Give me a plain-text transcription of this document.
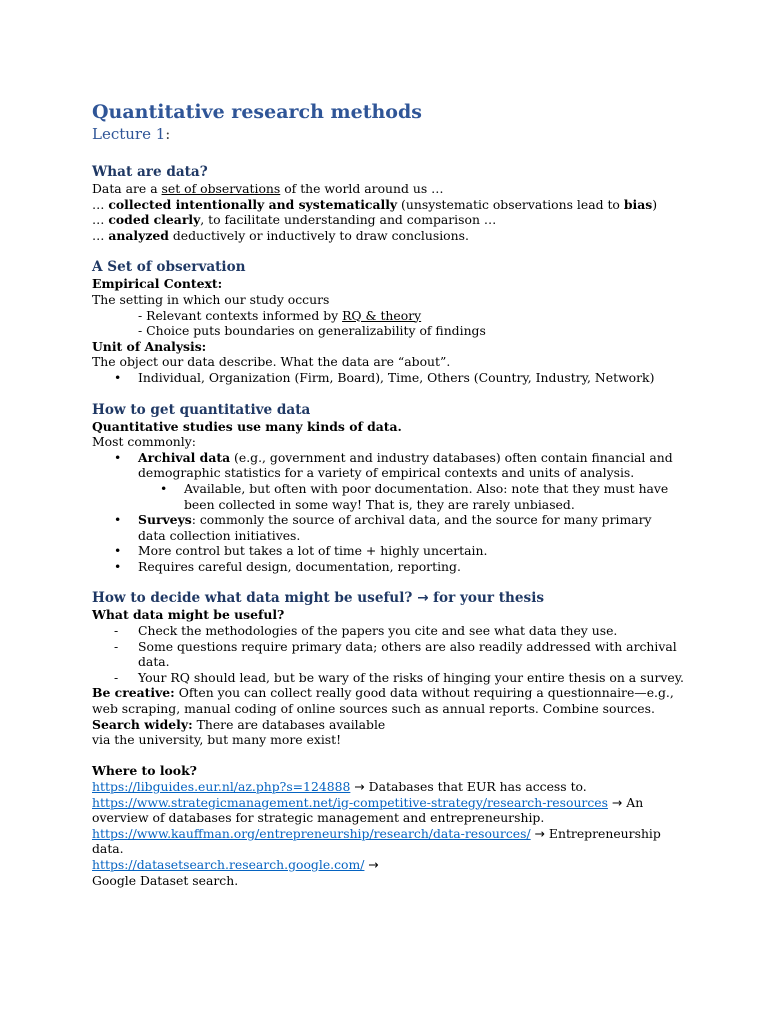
Quantitative research methods

Lecture 1:

What are data?

Data are a set of observations of the world around us …

… collected intentionally and systematically (unsystematic observations lead to bias)

… coded clearly, to facilitate understanding and comparison …

… analyzed deductively or inductively to draw conclusions.

A Set of observation

Empirical Context:

The setting in which our study occurs

- Relevant contexts informed by RQ & theory

- Choice puts boundaries on generalizability of findings

Unit of Analysis:

The object our data describe. What the data are “about”.

• Individual, Organization (Firm, Board), Time, Others (Country, Industry, Network)

How to get quantitative data

Quantitative studies use many kinds of data.

Most commonly:

• Archival data (e.g., government and industry databases) often contain financial and demographic statistics for a variety of empirical contexts and units of analysis.

• Available, but often with poor documentation. Also: note that they must have been collected in some way! That is, they are rarely unbiased.

• Surveys: commonly the source of archival data, and the source for many primary data collection initiatives.

• More control but takes a lot of time + highly uncertain.

• Requires careful design, documentation, reporting.

How to decide what data might be useful? → for your thesis

What data might be useful?

- Check the methodologies of the papers you cite and see what data they use.

- Some questions require primary data; others are also readily addressed with archival data.

- Your RQ should lead, but be wary of the risks of hinging your entire thesis on a survey.

Be creative: Often you can collect really good data without requiring a questionnaire—e.g., web scraping, manual coding of online sources such as annual reports. Combine sources.

Search widely: There are databases available

via the university, but many more exist!

Where to look?

https://libguides.eur.nl/az.php?s=124888 → Databases that EUR has access to.

https://www.strategicmanagement.net/ig-competitive-strategy/research-resources → An overview of databases for strategic management and entrepreneurship.

https://www.kauffman.org/entrepreneurship/research/data-resources/ → Entrepreneurship data.

https://datasetsearch.research.google.com/ →

Google Dataset search.
